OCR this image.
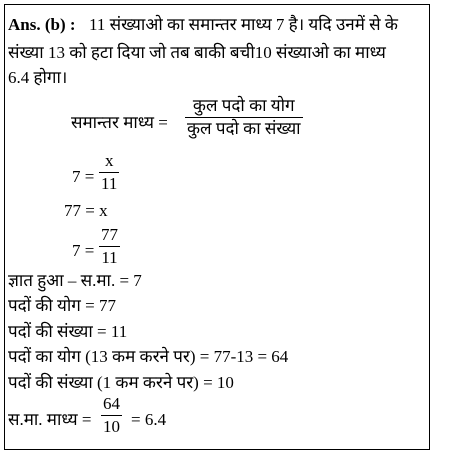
Ans. (b) : 11 संख्याओ का समान्तर माध्य 7 है। यदि उनमें से के
संख्या 13 को हटा दिया जो तब बाकी बची10 संख्याओ का माध्य
6.4 होगा।
समान्तर माध्य =
कुल पदो का योग
कुल पदो का संख्या
7 =
x
11
77 = x
7 =
77
11
ज्ञात हुआ – स.मा. = 7
पदों की योग = 77
पदों की संख्या = 11
पदों का योग (13 कम करने पर) = 77-13 = 64
पदों की संख्या (1 कम करने पर) = 10
स.मा. माध्य =
64
10 = 6.4
